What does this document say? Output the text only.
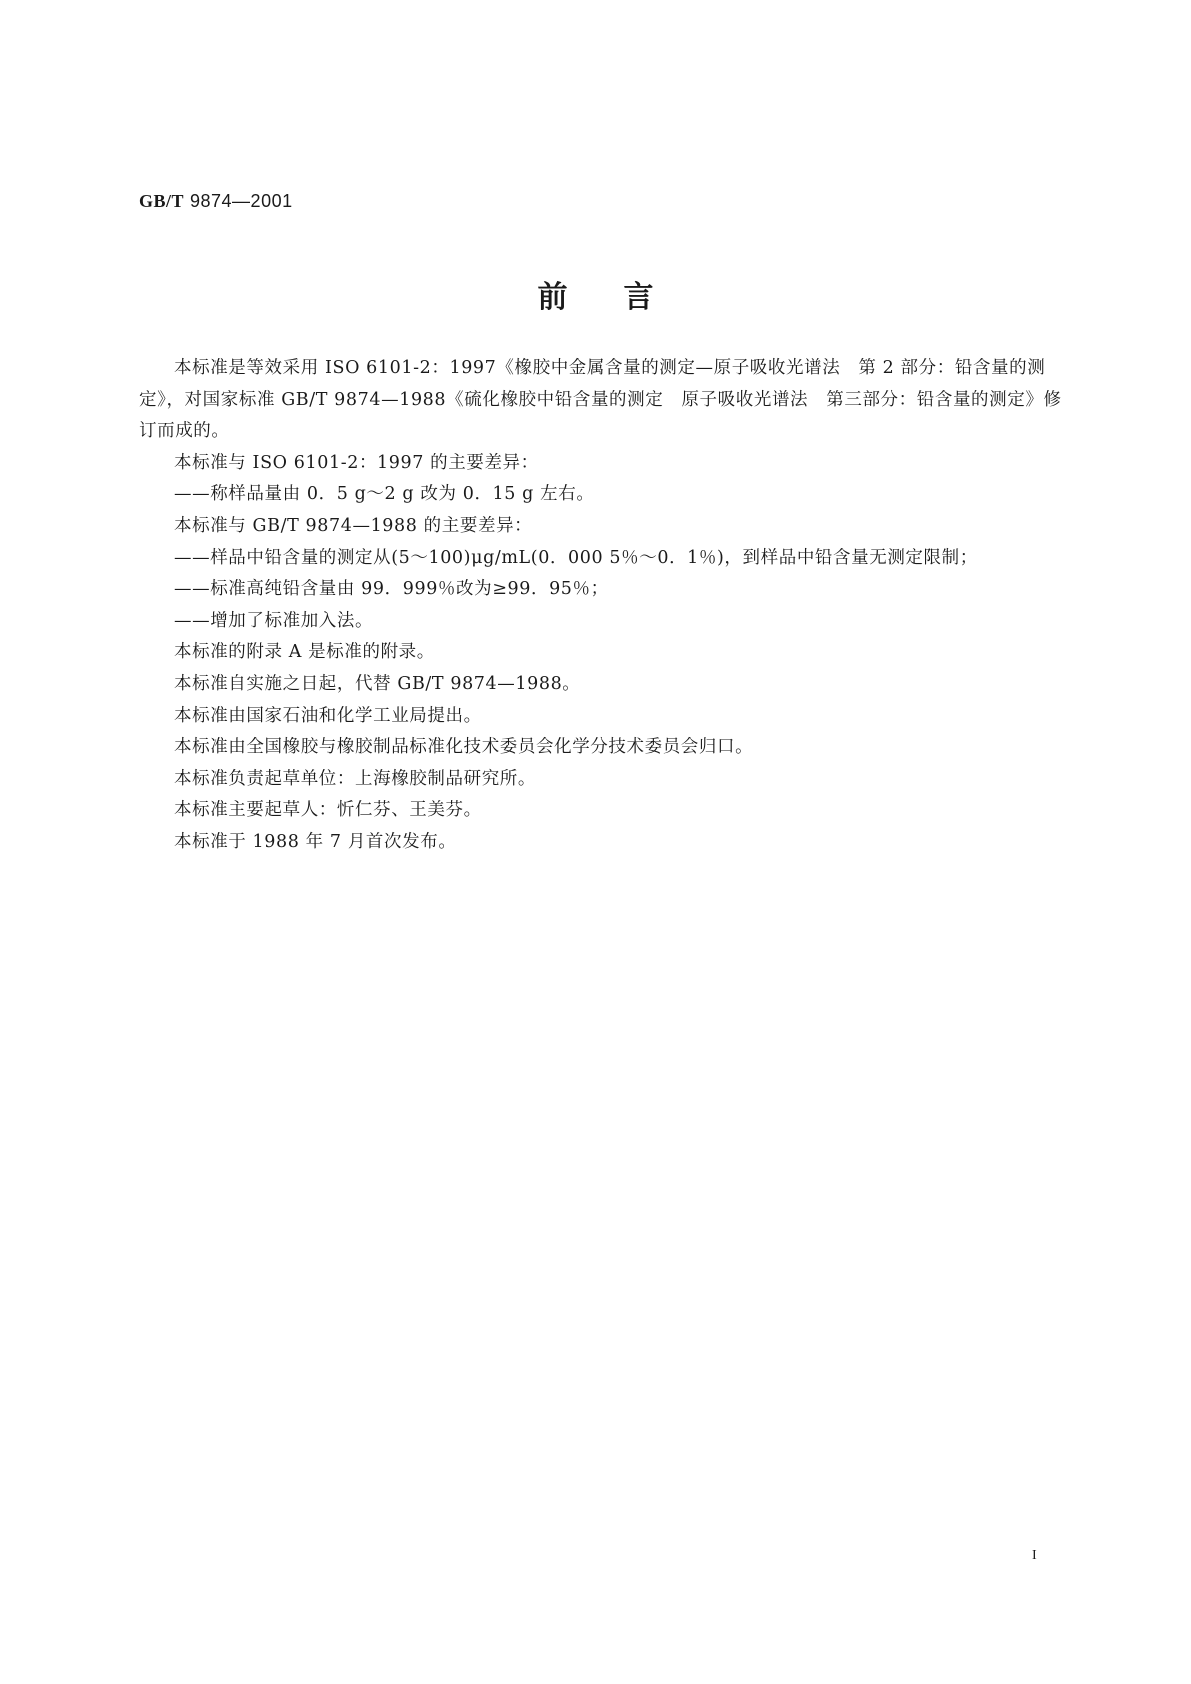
GB/T 9874—2001
前言

本标准是等效采用 ISO 6101-2：1997《橡胶中金属含量的测定—原子吸收光谱法　第 2 部分：铅含量的测定》，对国家标准 GB/T 9874—1988《硫化橡胶中铅含量的测定　原子吸收光谱法　第三部分：铅含量的测定》修订而成的。

本标准与 ISO 6101-2：1997 的主要差异：

——称样品量由 0．5 g～2 g 改为 0．15 g 左右。

本标准与 GB/T 9874—1988 的主要差异：

——样品中铅含量的测定从(5～100)μg/mL(0．000 5％～0．1％)，到样品中铅含量无测定限制；

——标准高纯铅含量由 99．999％改为≥99．95％；

——增加了标准加入法。

本标准的附录 A 是标准的附录。

本标准自实施之日起，代替 GB/T 9874—1988。

本标准由国家石油和化学工业局提出。

本标准由全国橡胶与橡胶制品标准化技术委员会化学分技术委员会归口。

本标准负责起草单位：上海橡胶制品研究所。

本标准主要起草人：忻仁芬、王美芬。

本标准于 1988 年 7 月首次发布。

I
